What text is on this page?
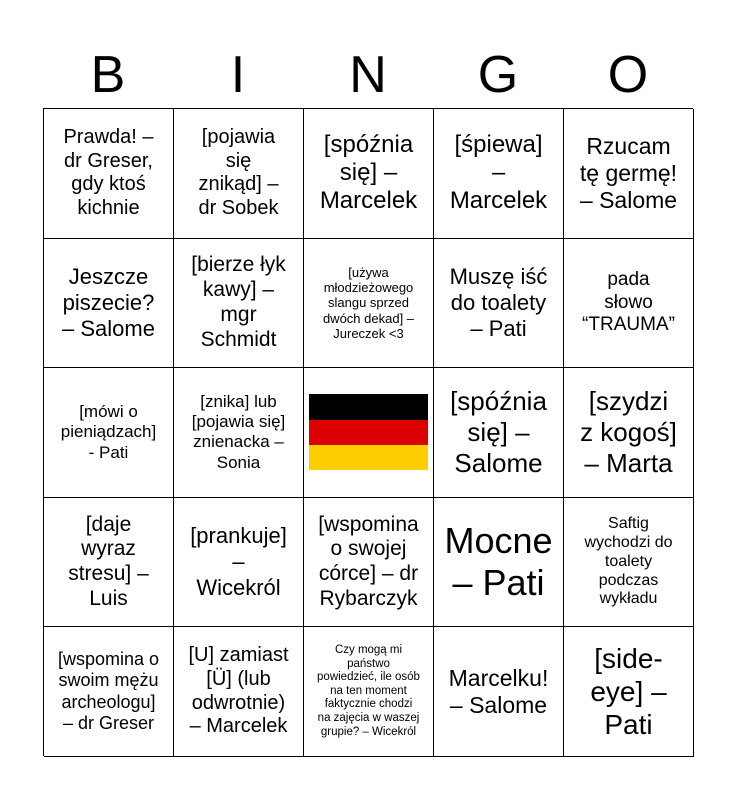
B	I	N	G	O
Prawda! –
dr Greser,
gdy ktoś
kichnie
[pojawia
się
znikąd] –
dr Sobek
[spóźnia
się] –
Marcelek
[śpiewa]
–
Marcelek
Rzucam
tę germę!
– Salome
Jeszcze
piszecie?
– Salome
[bierze łyk
kawy] –
mgr
Schmidt
[używa
młodzieżowego
slangu sprzed
dwóch dekad] –
Jureczek <3
Muszę iść
do toalety
– Pati
pada
słowo
“TRAUMA”
[mówi o
pieniądzach]
- Pati
[znika] lub
[pojawia się]
znienacka –
Sonia
[spóźnia
się] –
Salome
[szydzi
z kogoś]
– Marta
[daje
wyraz
stresu] –
Luis
[prankuje]
–
Wicekról
[wspomina
o swojej
córce] – dr
Rybarczyk
Mocne
– Pati
Saftig
wychodzi do
toalety
podczas
wykładu
[wspomina o
swoim mężu
archeologu]
– dr Greser
[U] zamiast
[Ü] (lub
odwrotnie)
– Marcelek
Czy mogą mi
państwo
powiedzieć, ile osób
na ten moment
faktycznie chodzi
na zajęcia w waszej
grupie? – Wicekról
Marcelku!
– Salome
[side-
eye] –
Pati
